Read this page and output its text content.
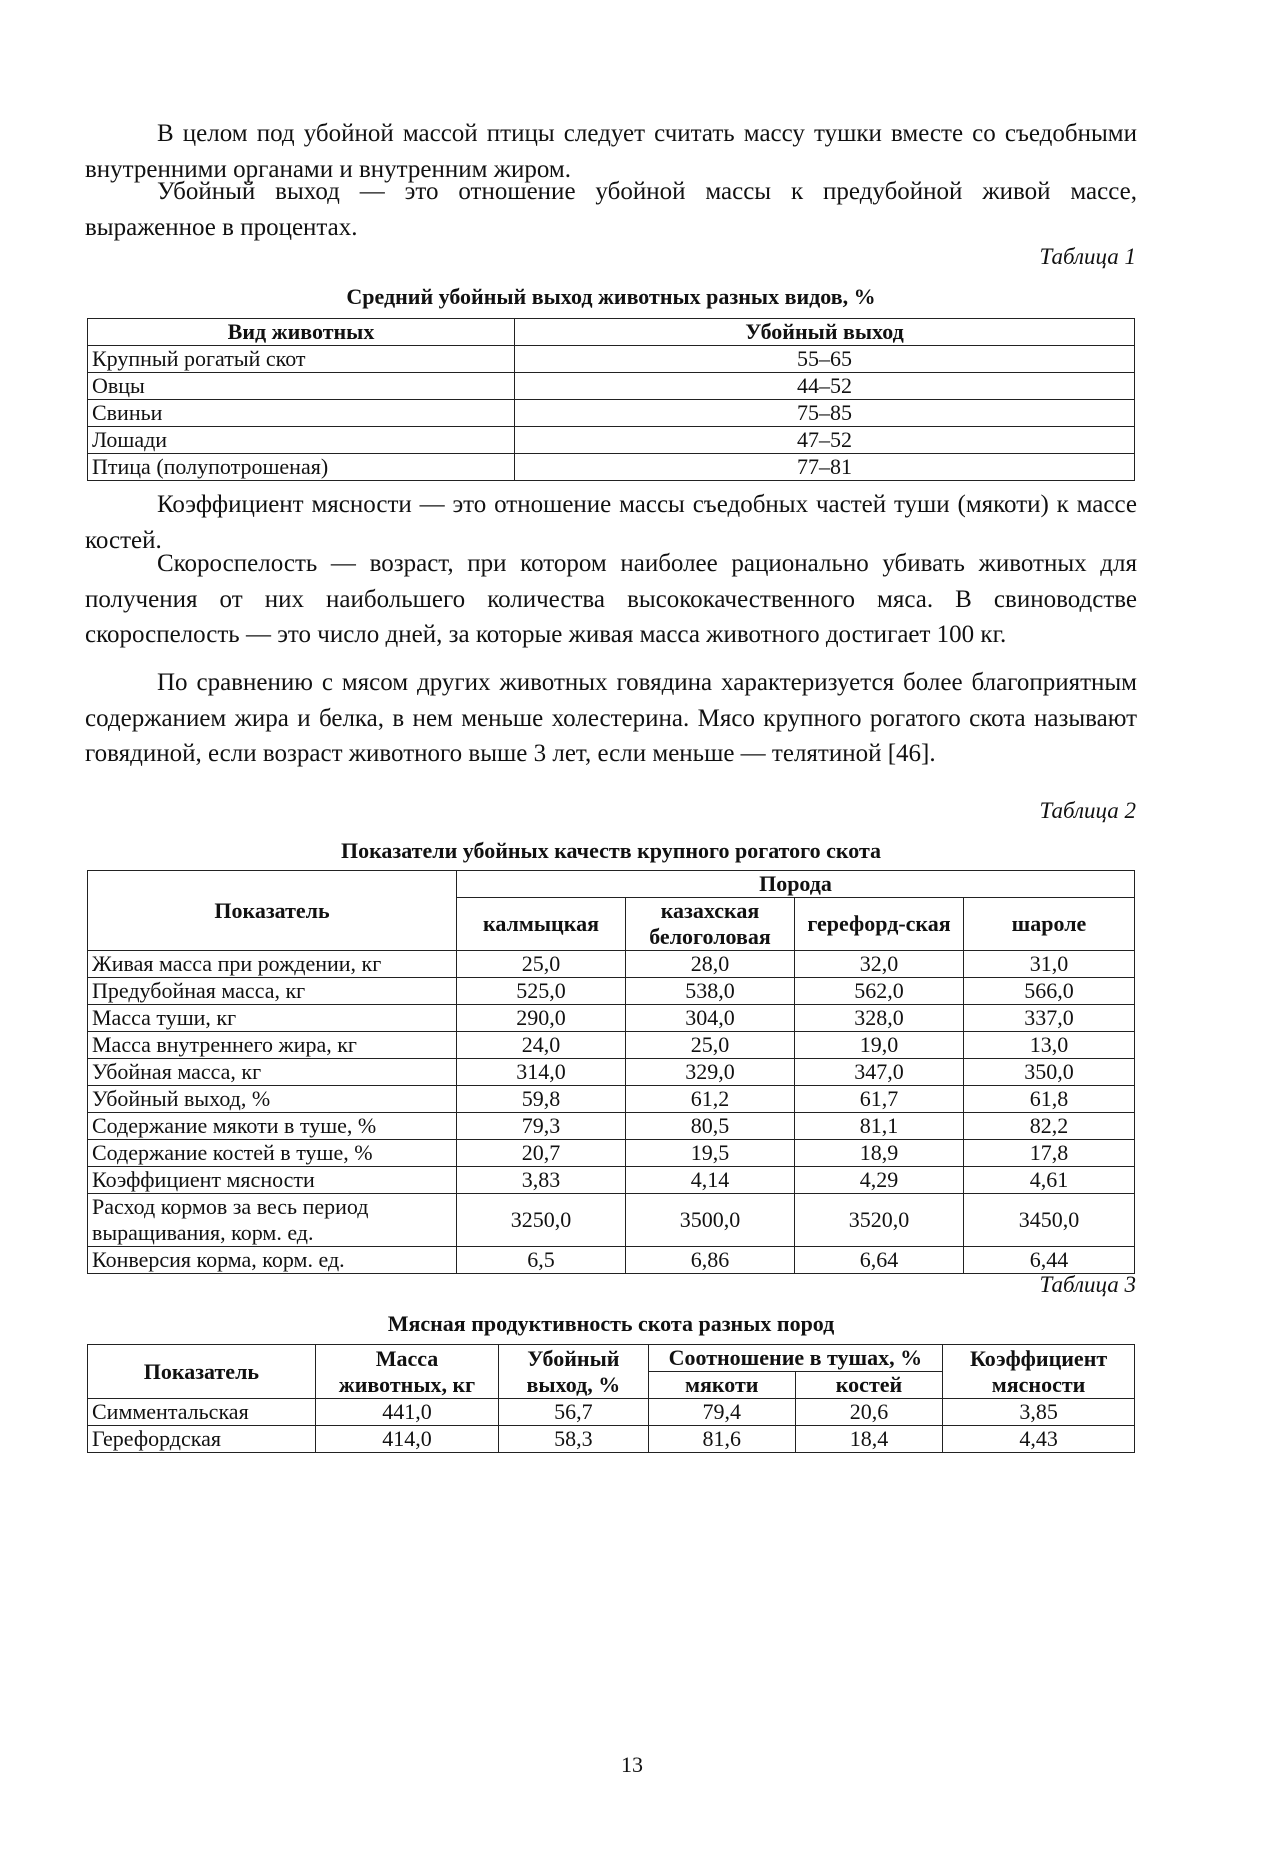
В целом под убойной массой птицы следует считать массу тушки вместе со съедобными внутренними органами и внутренним жиром.

Убойный выход — это отношение убойной массы к предубойной живой массе, выраженное в процентах.

Таблица 1

Средний убойный выход животных разных видов, %

Вид животных	Убойный выход
Крупный рогатый скот	55–65
Овцы	44–52
Свиньи	75–85
Лошади	47–52
Птица (полупотрошеная)	77–81

Коэффициент мясности — это отношение массы съедобных частей туши (мякоти) к массе костей.

Скороспелость — возраст, при котором наиболее рационально убивать животных для получения от них наибольшего количества высококачественного мяса. В свиноводстве скороспелость — это число дней, за которые живая масса животного достигает 100 кг.

По сравнению с мясом других животных говядина характеризуется более благоприятным содержанием жира и белка, в нем меньше холестерина. Мясо крупного рогатого скота называют говядиной, если возраст животного выше 3 лет, если меньше — телятиной [46].

Таблица 2

Показатели убойных качеств крупного рогатого скота

Показатель	Порода			
	калмыцкая	казахская белоголовая	герефорд-ская	шароле
Живая масса при рождении, кг	25,0	28,0	32,0	31,0
Предубойная масса, кг	525,0	538,0	562,0	566,0
Масса туши, кг	290,0	304,0	328,0	337,0
Масса внутреннего жира, кг	24,0	25,0	19,0	13,0
Убойная масса, кг	314,0	329,0	347,0	350,0
Убойный выход, %	59,8	61,2	61,7	61,8
Содержание мякоти в туше, %	79,3	80,5	81,1	82,2
Содержание костей в туше, %	20,7	19,5	18,9	17,8
Коэффициент мясности	3,83	4,14	4,29	4,61
Расход кормов за весь период выращивания, корм. ед.	3250,0	3500,0	3520,0	3450,0
Конверсия корма, корм. ед.	6,5	6,86	6,64	6,44

Таблица 3

Мясная продуктивность скота разных пород

Показатель	Масса животных, кг	Убойный выход, %	Соотношение в тушах, %		Коэффициент мясности
			мякоти	костей	
Симментальская	441,0	56,7	79,4	20,6	3,85
Герефордская	414,0	58,3	81,6	18,4	4,43

13
